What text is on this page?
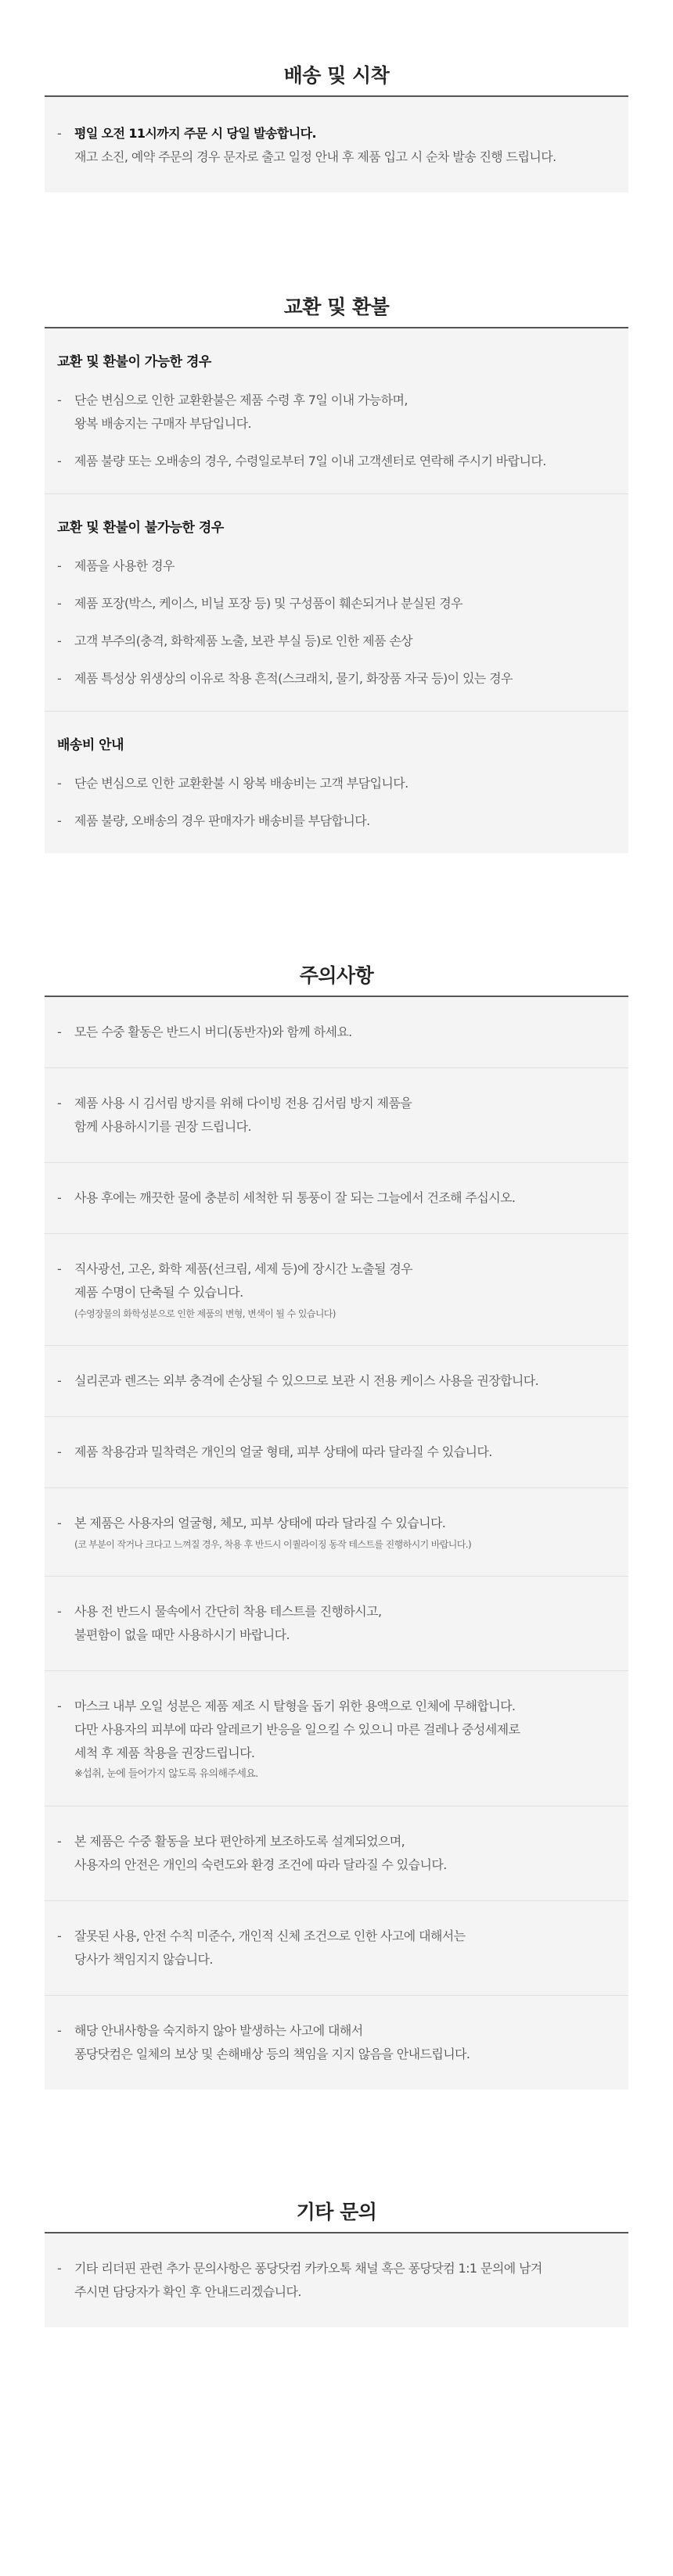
배송 및 시착
- 평일 오전 11시까지 주문 시 당일 발송합니다.
재고 소진, 예약 주문의 경우 문자로 출고 일정 안내 후 제품 입고 시 순차 발송 진행 드립니다.
교환 및 환불
교환 및 환불이 가능한 경우
- 단순 변심으로 인한 교환환불은 제품 수령 후 7일 이내 가능하며,
왕복 배송지는 구매자 부담입니다.
- 제품 불량 또는 오배송의 경우, 수령일로부터 7일 이내 고객센터로 연락해 주시기 바랍니다.
교환 및 환불이 불가능한 경우
- 제품을 사용한 경우
- 제품 포장(박스, 케이스, 비닐 포장 등) 및 구성품이 훼손되거나 분실된 경우
- 고객 부주의(충격, 화학제품 노출, 보관 부실 등)로 인한 제품 손상
- 제품 특성상 위생상의 이유로 착용 흔적(스크래치, 물기, 화장품 자국 등)이 있는 경우
배송비 안내
- 단순 변심으로 인한 교환환불 시 왕복 배송비는 고객 부담입니다.
- 제품 불량, 오배송의 경우 판매자가 배송비를 부담합니다.
주의사항
- 모든 수중 활동은 반드시 버디(동반자)와 함께 하세요.
- 제품 사용 시 김서림 방지를 위해 다이빙 전용 김서림 방지 제품을
함께 사용하시기를 권장 드립니다.
- 사용 후에는 깨끗한 물에 충분히 세척한 뒤 통풍이 잘 되는 그늘에서 건조해 주십시오.
- 직사광선, 고온, 화학 제품(선크림, 세제 등)에 장시간 노출될 경우
제품 수명이 단축될 수 있습니다.
(수영장물의 화학성분으로 인한 제품의 변형, 변색이 될 수 있습니다)
- 실리콘과 렌즈는 외부 충격에 손상될 수 있으므로 보관 시 전용 케이스 사용을 권장합니다.
- 제품 착용감과 밀착력은 개인의 얼굴 형태, 피부 상태에 따라 달라질 수 있습니다.
- 본 제품은 사용자의 얼굴형, 체모, 피부 상태에 따라 달라질 수 있습니다.
(코 부분이 작거나 크다고 느껴질 경우, 착용 후 반드시 이퀄라이징 동작 테스트를 진행하시기 바랍니다.)
- 사용 전 반드시 물속에서 간단히 착용 테스트를 진행하시고,
불편함이 없을 때만 사용하시기 바랍니다.
- 마스크 내부 오일 성분은 제품 제조 시 탈형을 돕기 위한 용액으로 인체에 무해합니다.
다만 사용자의 피부에 따라 알레르기 반응을 일으킬 수 있으니 마른 걸레나 중성세제로
세척 후 제품 착용을 권장드립니다.
※섭취, 눈에 들어가지 않도록 유의해주세요.
- 본 제품은 수중 활동을 보다 편안하게 보조하도록 설계되었으며,
사용자의 안전은 개인의 숙련도와 환경 조건에 따라 달라질 수 있습니다.
- 잘못된 사용, 안전 수칙 미준수, 개인적 신체 조건으로 인한 사고에 대해서는
당사가 책임지지 않습니다.
- 해당 안내사항을 숙지하지 않아 발생하는 사고에 대해서
퐁당닷컴은 일체의 보상 및 손해배상 등의 책임을 지지 않음을 안내드립니다.
기타 문의
- 기타 리더핀 관련 추가 문의사항은 퐁당닷컴 카카오톡 채널 혹은 퐁당닷컴 1:1 문의에 남겨
주시면 담당자가 확인 후 안내드리겠습니다.
